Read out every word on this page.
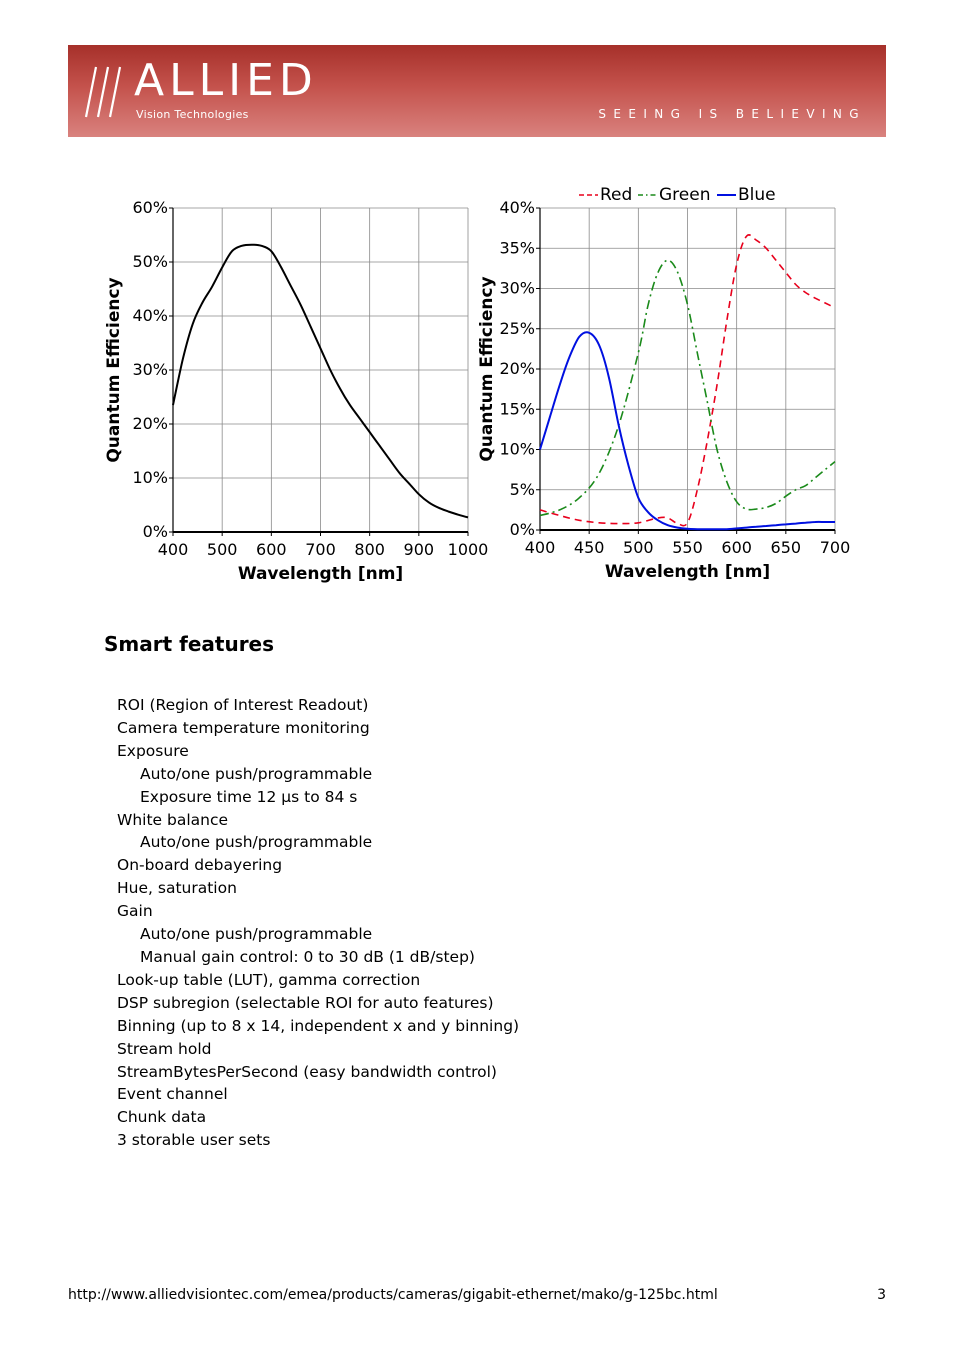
ALLIED
Vision Technologies	SEEING IS BELIEVING
400 500 600 700 800 900 1000
0%
10%
20%
30%
40%
50%
60%
Wavelength [nm]
Quantum Efficiency
400 450 500 550 600 650 700
0%
5%
10%
15%
20%
25%
30%
35%
40%
Wavelength [nm]
Quantum Efficiency
Red Green Blue
Smart features
ROI (Region of Interest Readout)
Camera temperature monitoring
Exposure
Auto/one push/programmable
Exposure time 12 µs to 84 s
White balance
Auto/one push/programmable
On-board debayering
Hue, saturation
Gain
Auto/one push/programmable
Manual gain control: 0 to 30 dB (1 dB/step)
Look-up table (LUT), gamma correction
DSP subregion (selectable ROI for auto features)
Binning (up to 8 x 14, independent x and y binning)
Stream hold
StreamBytesPerSecond (easy bandwidth control)
Event channel
Chunk data
3 storable user sets
http://www.alliedvisiontec.com/emea/products/cameras/gigabit-ethernet/mako/g-125bc.html	3
